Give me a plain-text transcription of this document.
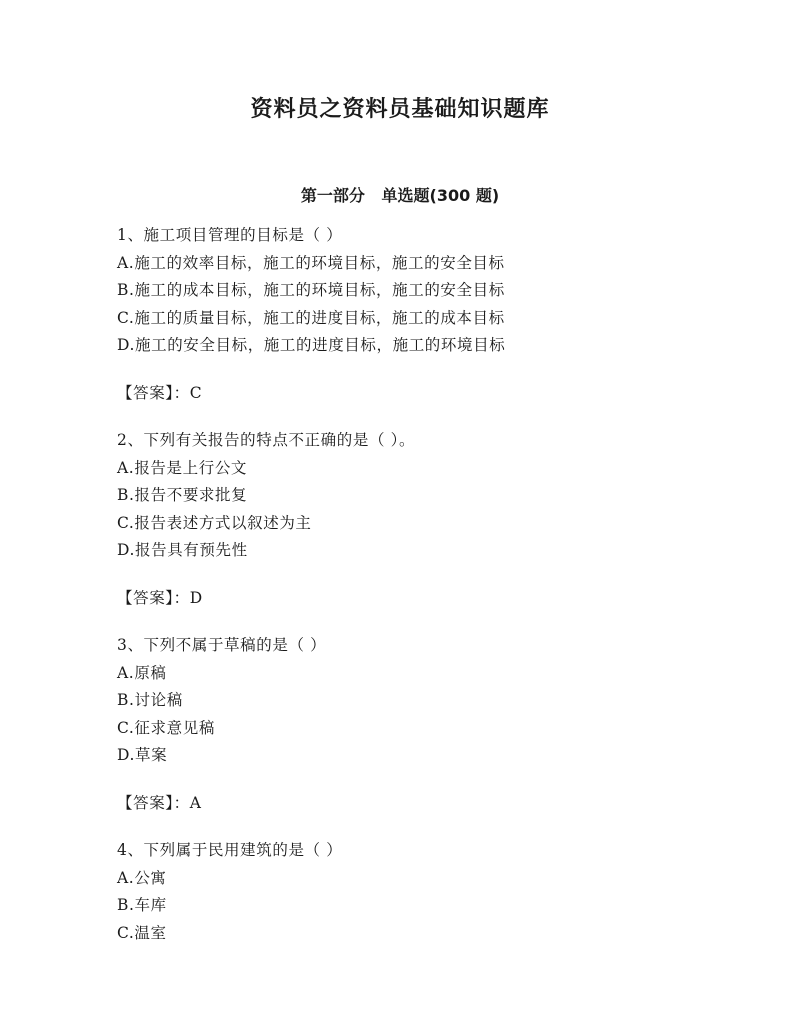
资料员之资料员基础知识题库
第一部分   单选题(300 题)
1、施工项目管理的目标是（ ）
A.施工的效率目标，施工的环境目标，施工的安全目标
B.施工的成本目标，施工的环境目标，施工的安全目标
C.施工的质量目标，施工的进度目标，施工的成本目标
D.施工的安全目标，施工的进度目标，施工的环境目标
【答案】：C
2、下列有关报告的特点不正确的是（ ）。
A.报告是上行公文
B.报告不要求批复
C.报告表述方式以叙述为主
D.报告具有预先性
【答案】：D
3、下列不属于草稿的是（ ）
A.原稿
B.讨论稿
C.征求意见稿
D.草案
【答案】：A
4、下列属于民用建筑的是（ ）
A.公寓
B.车库
C.温室
